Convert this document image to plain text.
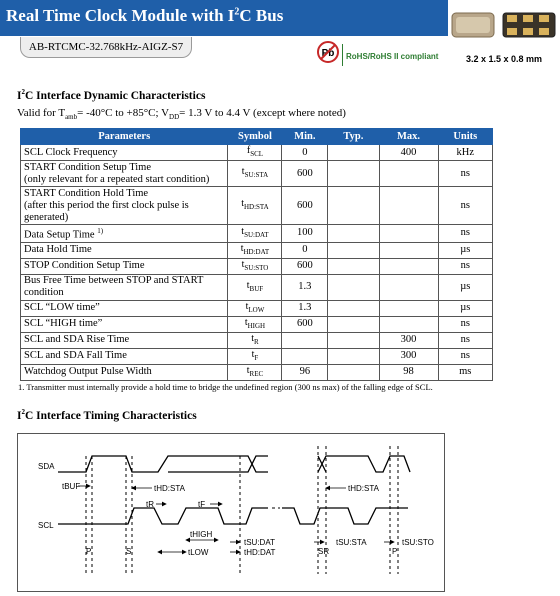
Real Time Clock Module with $I^2C$ Bus
3.2 x 1.5 x 0.8 mm
AB-RTCMC-32.768kHz-AIGZ-S7
Pb RoHS/RoHS II compliant
$I^2C$ Interface Dynamic Characteristics
Valid for $T_{amb}= -40^\circ C$ to +85°C; $V_{DD}= 1.3$ V to 4.4 V (except where noted)
Parameters	Symbol	Min.	Typ.	Max.	Units
SCL Clock Frequency	$f_{SCL}$	0		400	kHz
START Condition Setup Time
(only relevant for a repeated start condition)	$t_{SU:STA}$	600			ns
START Condition Hold Time
(after this period the first clock pulse is
generated)	$t_{HD:STA}$	600			ns
Data Setup Time $^{1)}$	$t_{SU:DAT}$	100			ns
Data Hold Time	$t_{HD:DAT}$	0			µs
STOP Condition Setup Time	$t_{SU:STO}$	600			ns
Bus Free Time between STOP and START
condition	$t_{BUF}$	1.3			µs
SCL “LOW time”	$t_{LOW}$	1.3			µs
SCL “HIGH time”	$t_{HIGH}$	600			ns
SCL and SDA Rise Time	$t_R$			300	ns
SCL and SDA Fall Time	$t_F$			300	ns
Watchdog Output Pulse Width	$t_{REC}$	96		98	ms
1. Transmitter must internally provide a hold time to bridge the undefined region (300 ns max) of the falling edge of SCL.
$I^2C$ Interface Timing Characteristics
SDA
SCL
tBUF	tHD:STA
tR	tF
tHIGH
tLOW
tSU:DAT
tHD:DAT
tHD:STA
tSU:STA	tSU:STO
P	S	SR	P
